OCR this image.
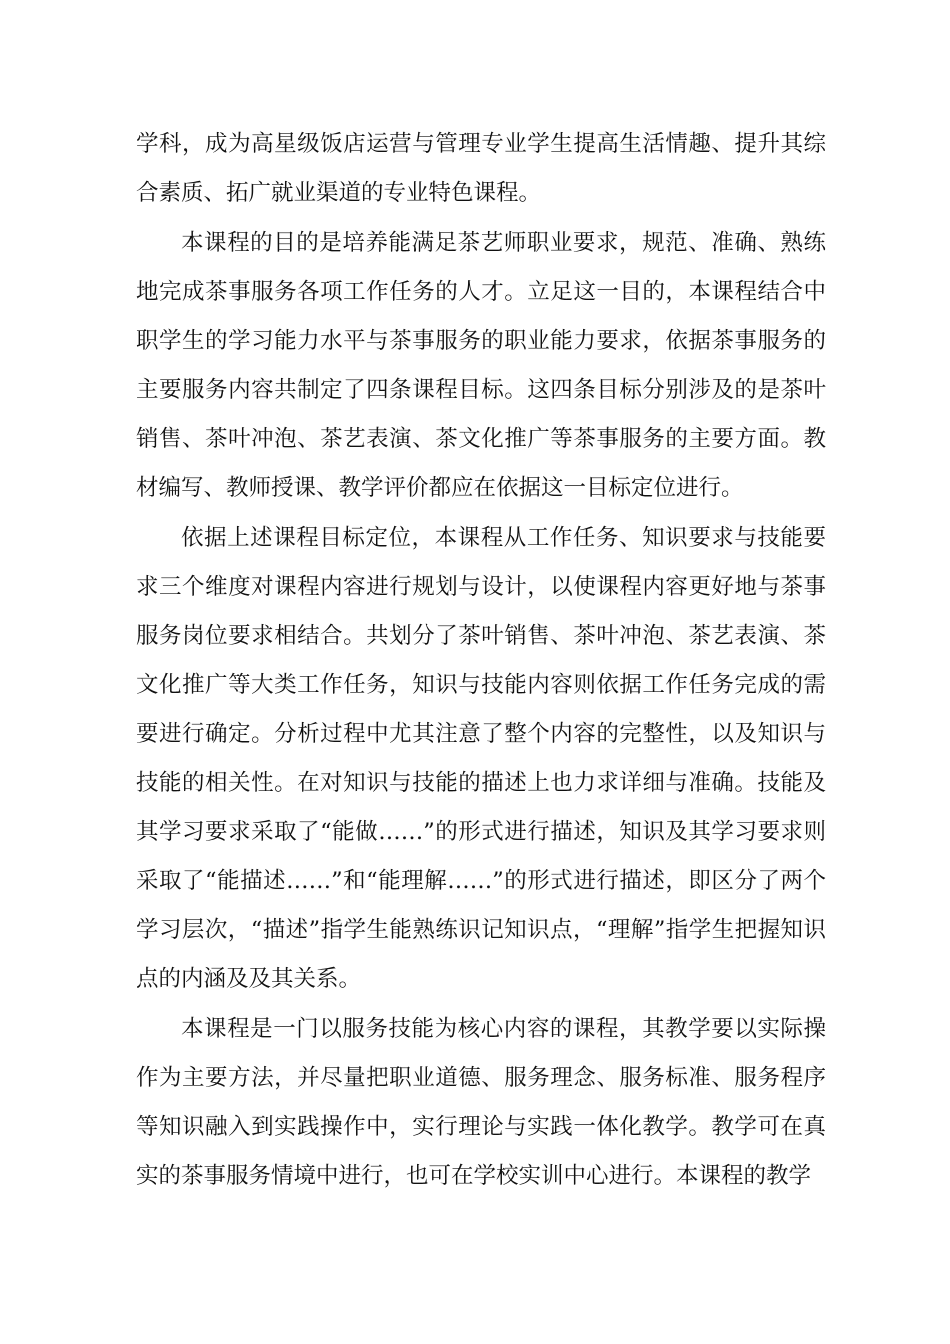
学科，成为高星级饭店运营与管理专业学生提高生活情趣、提升其综合素质、拓广就业渠道的专业特色课程。

本课程的目的是培养能满足茶艺师职业要求，规范、准确、熟练地完成茶事服务各项工作任务的人才。立足这一目的，本课程结合中职学生的学习能力水平与茶事服务的职业能力要求，依据茶事服务的主要服务内容共制定了四条课程目标。这四条目标分别涉及的是茶叶销售、茶叶冲泡、茶艺表演、茶文化推广等茶事服务的主要方面。教材编写、教师授课、教学评价都应在依据这一目标定位进行。

依据上述课程目标定位，本课程从工作任务、知识要求与技能要求三个维度对课程内容进行规划与设计，以使课程内容更好地与茶事服务岗位要求相结合。共划分了茶叶销售、茶叶冲泡、茶艺表演、茶文化推广等大类工作任务，知识与技能内容则依据工作任务完成的需要进行确定。分析过程中尤其注意了整个内容的完整性，以及知识与技能的相关性。在对知识与技能的描述上也力求详细与准确。技能及其学习要求采取了“能做……”的形式进行描述，知识及其学习要求则采取了“能描述……”和“能理解……”的形式进行描述，即区分了两个学习层次，“描述”指学生能熟练识记知识点，“理解”指学生把握知识点的内涵及及其关系。

本课程是一门以服务技能为核心内容的课程，其教学要以实际操作为主要方法，并尽量把职业道德、服务理念、服务标准、服务程序等知识融入到实践操作中，实行理论与实践一体化教学。教学可在真实的茶事服务情境中进行，也可在学校实训中心进行。本课程的教学
